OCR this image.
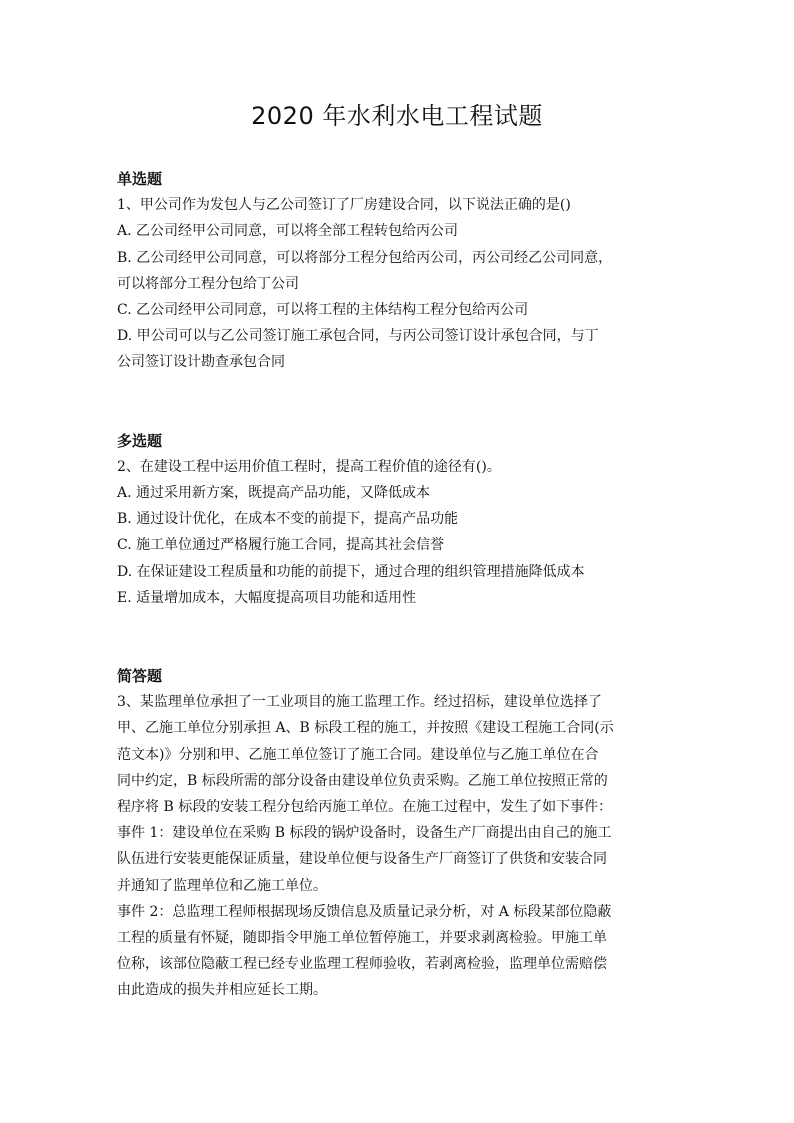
2020 年水利水电工程试题

单选题

1、甲公司作为发包人与乙公司签订了厂房建设合同，以下说法正确的是()

A. 乙公司经甲公司同意，可以将全部工程转包给丙公司

B. 乙公司经甲公司同意，可以将部分工程分包给丙公司，丙公司经乙公司同意，

可以将部分工程分包给丁公司

C. 乙公司经甲公司同意，可以将工程的主体结构工程分包给丙公司

D. 甲公司可以与乙公司签订施工承包合同，与丙公司签订设计承包合同，与丁

公司签订设计勘查承包合同

多选题

2、在建设工程中运用价值工程时，提高工程价值的途径有()。

A. 通过采用新方案，既提高产品功能，又降低成本

B. 通过设计优化，在成本不变的前提下，提高产品功能

C. 施工单位通过严格履行施工合同，提高其社会信誉

D. 在保证建设工程质量和功能的前提下，通过合理的组织管理措施降低成本

E. 适量增加成本，大幅度提高项目功能和适用性

简答题

3、某监理单位承担了一工业项目的施工监理工作。经过招标，建设单位选择了

甲、乙施工单位分别承担 A、B 标段工程的施工，并按照《建设工程施工合同(示

范文本)》分别和甲、乙施工单位签订了施工合同。建设单位与乙施工单位在合

同中约定，B 标段所需的部分设备由建设单位负责采购。乙施工单位按照正常的

程序将 B 标段的安装工程分包给丙施工单位。在施工过程中，发生了如下事件：

事件 1：建设单位在采购 B 标段的锅炉设备时，设备生产厂商提出由自己的施工

队伍进行安装更能保证质量，建设单位便与设备生产厂商签订了供货和安装合同

并通知了监理单位和乙施工单位。

事件 2：总监理工程师根据现场反馈信息及质量记录分析，对 A 标段某部位隐蔽

工程的质量有怀疑，随即指令甲施工单位暂停施工，并要求剥离检验。甲施工单

位称，该部位隐蔽工程已经专业监理工程师验收，若剥离检验，监理单位需赔偿

由此造成的损失并相应延长工期。
